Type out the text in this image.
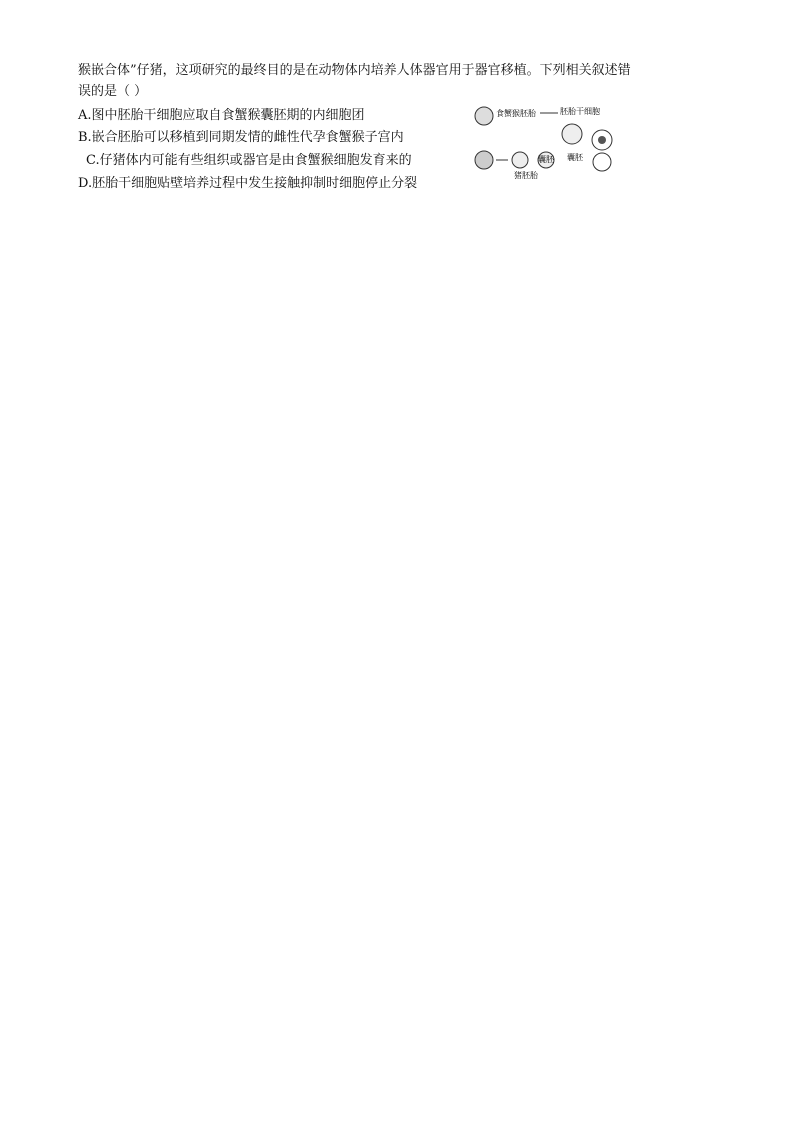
猴嵌合体”仔猪，这项研究的最终目的是在动物体内培养人体器官用于器官移植。下列相关叙述错
误的是（ ）
A.图中胚胎干细胞应取自食蟹猴囊胚期的内细胞团
B.嵌合胚胎可以移植到同期发情的雌性代孕食蟹猴子宫内
C.仔猪体内可能有些组织或器官是由食蟹猴细胞发育来的
D.胚胎干细胞贴壁培养过程中发生接触抑制时细胞停止分裂
食蟹猴胚胎	胚胎干细胞
猪胚胎
囊胚 囊胚
